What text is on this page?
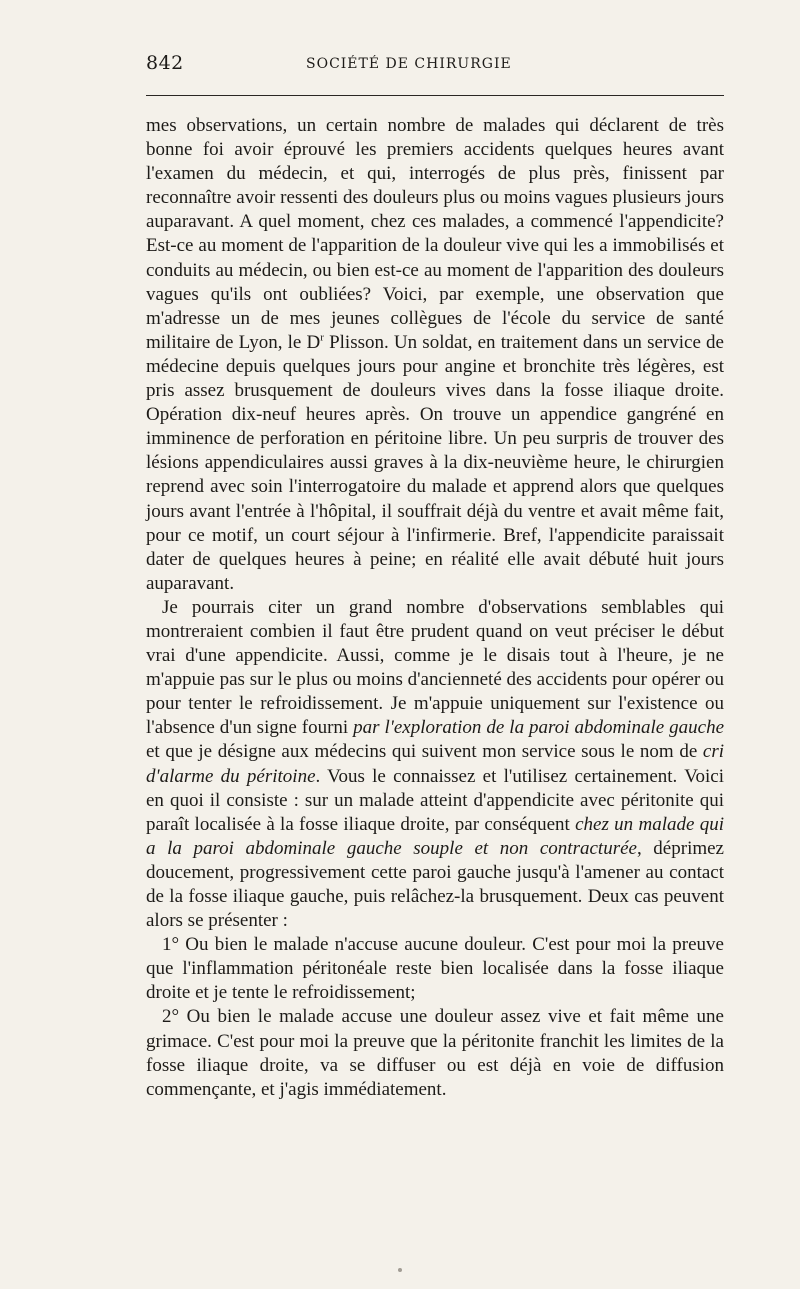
842	SOCIÉTÉ DE CHIRURGIE

mes observations, un certain nombre de malades qui déclarent de très bonne foi avoir éprouvé les premiers accidents quelques heures avant l'examen du médecin, et qui, interrogés de plus près, finissent par reconnaître avoir ressenti des douleurs plus ou moins vagues plusieurs jours auparavant. A quel moment, chez ces malades, a commencé l'appendicite? Est-ce au moment de l'apparition de la douleur vive qui les a immobilisés et conduits au médecin, ou bien est-ce au moment de l'apparition des douleurs vagues qu'ils ont oubliées? Voici, par exemple, une observation que m'adresse un de mes jeunes collègues de l'école du service de santé militaire de Lyon, le $D^r$ Plisson. Un soldat, en traitement dans un service de médecine depuis quelques jours pour angine et bronchite très légères, est pris assez brusquement de douleurs vives dans la fosse iliaque droite. Opération dix-neuf heures après. On trouve un appendice gangréné en imminence de perforation en péritoine libre. Un peu surpris de trouver des lésions appendiculaires aussi graves à la dix-neuvième heure, le chirurgien reprend avec soin l'interrogatoire du malade et apprend alors que quelques jours avant l'entrée à l'hôpital, il souffrait déjà du ventre et avait même fait, pour ce motif, un court séjour à l'infirmerie. Bref, l'appendicite paraissait dater de quelques heures à peine; en réalité elle avait débuté huit jours auparavant.

Je pourrais citer un grand nombre d'observations semblables qui montreraient combien il faut être prudent quand on veut préciser le début vrai d'une appendicite. Aussi, comme je le disais tout à l'heure, je ne m'appuie pas sur le plus ou moins d'ancienneté des accidents pour opérer ou pour tenter le refroidissement. Je m'appuie uniquement sur l'existence ou l'absence d'un signe fourni par l'exploration de la paroi abdominale gauche et que je désigne aux médecins qui suivent mon service sous le nom de cri d'alarme du péritoine. Vous le connaissez et l'utilisez certainement. Voici en quoi il consiste : sur un malade atteint d'appendicite avec péritonite qui paraît localisée à la fosse iliaque droite, par conséquent chez un malade qui a la paroi abdominale gauche souple et non contracturée, déprimez doucement, progressivement cette paroi gauche jusqu'à l'amener au contact de la fosse iliaque gauche, puis relâchez-la brusquement. Deux cas peuvent alors se présenter :

1° Ou bien le malade n'accuse aucune douleur. C'est pour moi la preuve que l'inflammation péritonéale reste bien localisée dans la fosse iliaque droite et je tente le refroidissement;

2° Ou bien le malade accuse une douleur assez vive et fait même une grimace. C'est pour moi la preuve que la péritonite franchit les limites de la fosse iliaque droite, va se diffuser ou est déjà en voie de diffusion commençante, et j'agis immédiatement.
